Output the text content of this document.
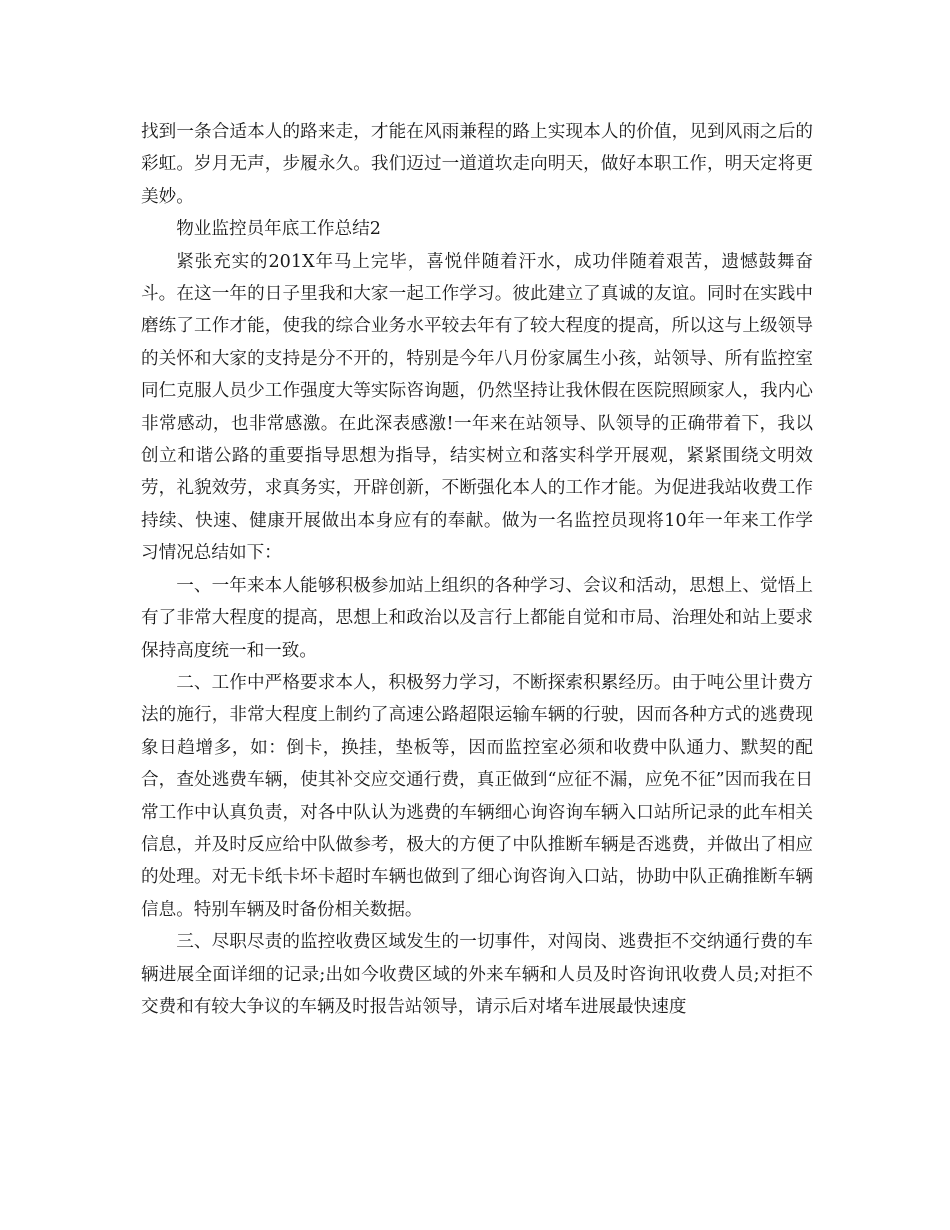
找到一条合适本人的路来走，才能在风雨兼程的路上实现本人的价值，见到风雨之后的彩虹。岁月无声，步履永久。我们迈过一道道坎走向明天，做好本职工作，明天定将更美妙。

物业监控员年底工作总结2

紧张充实的201X年马上完毕，喜悦伴随着汗水，成功伴随着艰苦，遗憾鼓舞奋斗。在这一年的日子里我和大家一起工作学习。彼此建立了真诚的友谊。同时在实践中磨练了工作才能，使我的综合业务水平较去年有了较大程度的提高，所以这与上级领导的关怀和大家的支持是分不开的，特别是今年八月份家属生小孩，站领导、所有监控室同仁克服人员少工作强度大等实际咨询题，仍然坚持让我休假在医院照顾家人，我内心非常感动，也非常感激。在此深表感激!一年来在站领导、队领导的正确带着下，我以创立和谐公路的重要指导思想为指导，结实树立和落实科学开展观，紧紧围绕文明效劳，礼貌效劳，求真务实，开辟创新，不断强化本人的工作才能。为促进我站收费工作持续、快速、健康开展做出本身应有的奉献。做为一名监控员现将10年一年来工作学习情况总结如下：

一、一年来本人能够积极参加站上组织的各种学习、会议和活动，思想上、觉悟上有了非常大程度的提高，思想上和政治以及言行上都能自觉和市局、治理处和站上要求保持高度统一和一致。

二、工作中严格要求本人，积极努力学习，不断探索积累经历。由于吨公里计费方法的施行，非常大程度上制约了高速公路超限运输车辆的行驶，因而各种方式的逃费现象日趋增多，如：倒卡，换挂，垫板等，因而监控室必须和收费中队通力、默契的配合，查处逃费车辆，使其补交应交通行费，真正做到“应征不漏，应免不征”因而我在日常工作中认真负责，对各中队认为逃费的车辆细心询咨询车辆入口站所记录的此车相关信息，并及时反应给中队做参考，极大的方便了中队推断车辆是否逃费，并做出了相应的处理。对无卡纸卡坏卡超时车辆也做到了细心询咨询入口站，协助中队正确推断车辆信息。特别车辆及时备份相关数据。

三、尽职尽责的监控收费区域发生的一切事件，对闯岗、逃费拒不交纳通行费的车辆进展全面详细的记录;出如今收费区域的外来车辆和人员及时咨询讯收费人员;对拒不交费和有较大争议的车辆及时报告站领导，请示后对堵车进展最快速度
